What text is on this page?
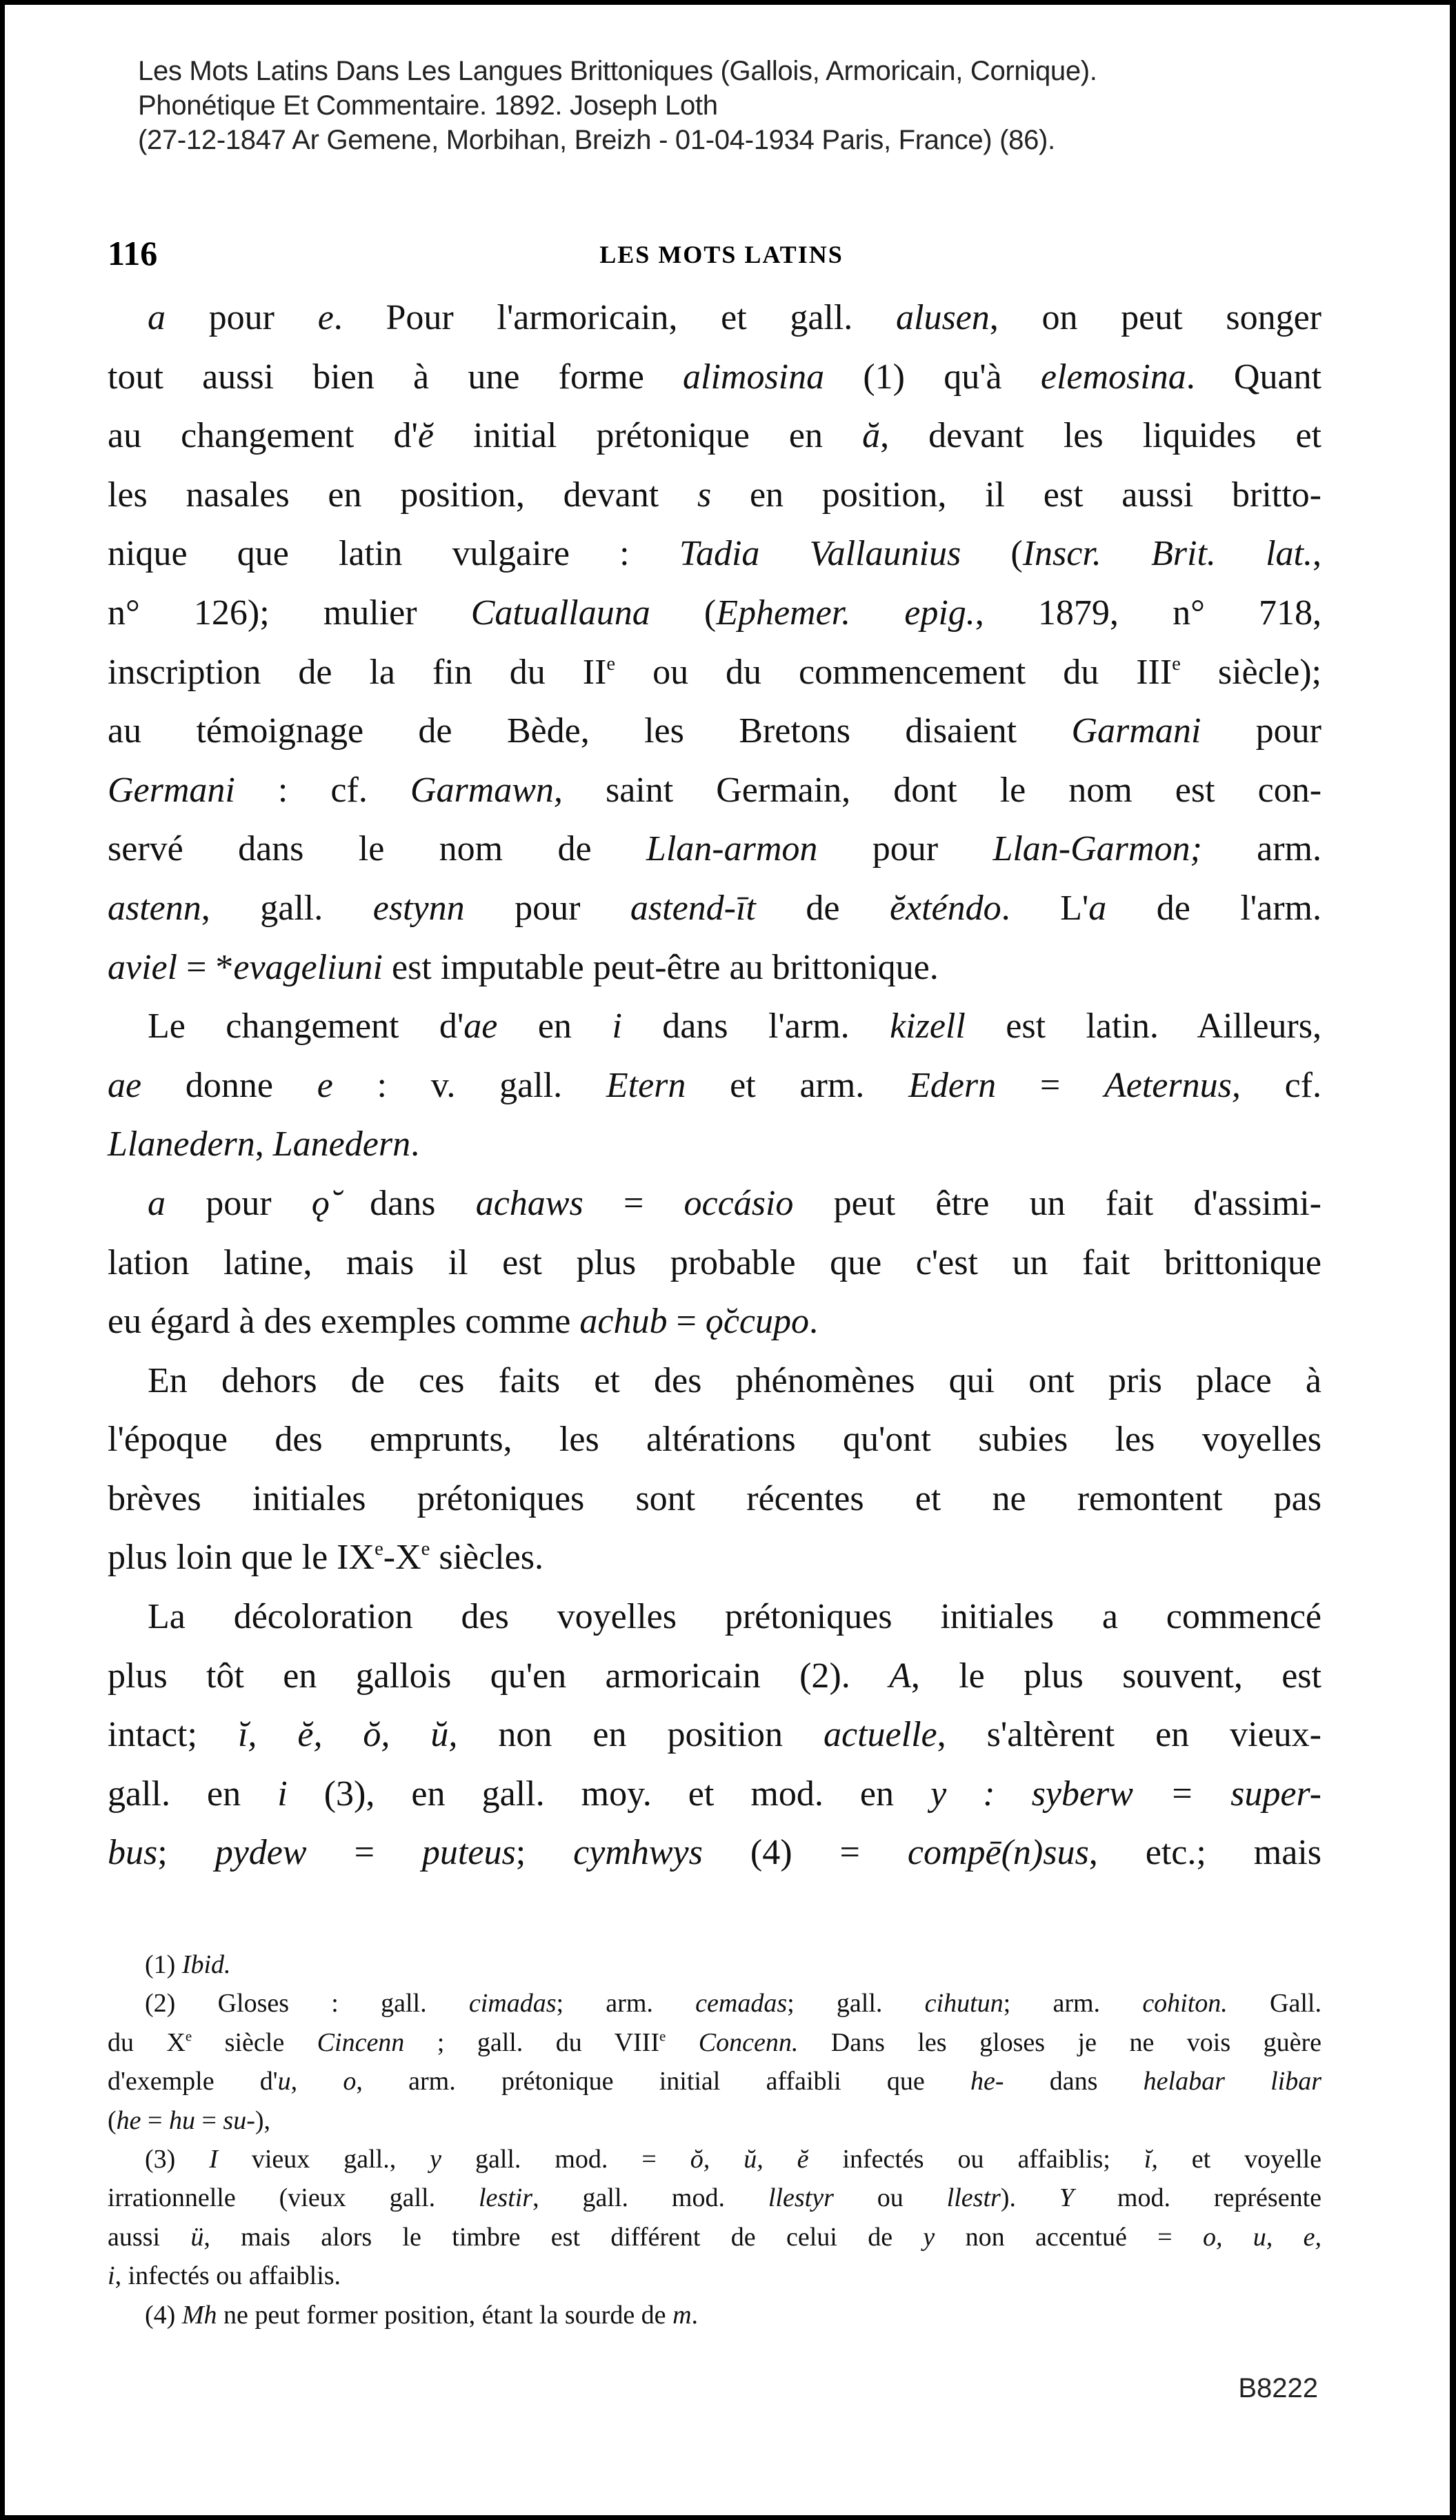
Les Mots Latins Dans Les Langues Brittoniques (Gallois, Armoricain, Cornique).
Phonétique Et Commentaire. 1892. Joseph Loth
(27-12-1847 Ar Gemene, Morbihan, Breizh - 01-04-1934 Paris, France) (86).
116	LES MOTS LATINS
a pour e. Pour l'armoricain, et gall. alusen, on peut songer
tout aussi bien à une forme alimosina (1) qu'à elemosina. Quant
au changement d'ĕ initial prétonique en ă, devant les liquides et
les nasales en position, devant s en position, il est aussi britto-
nique que latin vulgaire : Tadia Vallaunius (Inscr. Brit. lat.,
n° 126); mulier Catuallauna (Ephemer. epig., 1879, n° 718,
inscription de la fin du IIe ou du commencement du IIIe siècle);
au témoignage de Bède, les Bretons disaient Garmani pour
Germani : cf. Garmawn, saint Germain, dont le nom est con-
servé dans le nom de Llan-armon pour Llan-Garmon; arm.
astenn, gall. estynn pour astend-īt de ĕxténdo. L'a de l'arm.
aviel = *evageliuni est imputable peut-être au brittonique.
Le changement d'ae en i dans l'arm. kizell est latin. Ailleurs,
ae donne e : v. gall. Etern et arm. Edern = Aeternus, cf.
Llanedern, Lanedern.
a pour ǫ̆ dans achaws = occásio peut être un fait d'assimi-
lation latine, mais il est plus probable que c'est un fait brittonique
eu égard à des exemples comme achub = ǫ̆ccupo.
En dehors de ces faits et des phénomènes qui ont pris place à
l'époque des emprunts, les altérations qu'ont subies les voyelles
brèves initiales prétoniques sont récentes et ne remontent pas
plus loin que le IXe-Xe siècles.
La décoloration des voyelles prétoniques initiales a commencé
plus tôt en gallois qu'en armoricain (2). A, le plus souvent, est
intact; ĭ, ĕ, ŏ, ŭ, non en position actuelle, s'altèrent en vieux-
gall. en i (3), en gall. moy. et mod. en y : syberw = super-
bus; pydew = puteus; cymhwys (4) = compē(n)sus, etc.; mais
(1) Ibid.
(2) Gloses : gall. cimadas; arm. cemadas; gall. cihutun; arm. cohiton. Gall.
du Xe siècle Cincenn ; gall. du VIIIe Concenn. Dans les gloses je ne vois guère
d'exemple d'u, o, arm. prétonique initial affaibli que he- dans helabar libar
(he = hu = su-),
(3) I vieux gall., y gall. mod. = ŏ, ŭ, ĕ infectés ou affaiblis; ĭ, et voyelle
irrationnelle (vieux gall. lestir, gall. mod. llestyr ou llestr). Y mod. représente
aussi ü, mais alors le timbre est différent de celui de y non accentué = o, u, e,
i, infectés ou affaiblis.
(4) Mh ne peut former position, étant la sourde de m.
B8222
